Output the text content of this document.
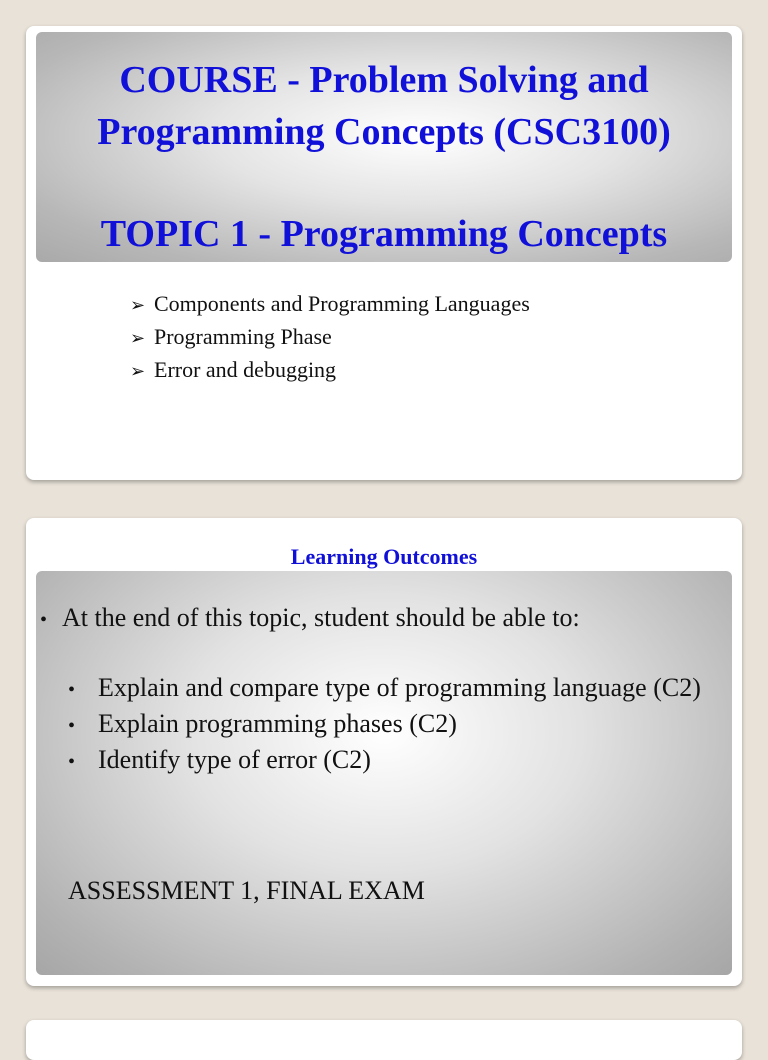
COURSE - Problem Solving and
Programming Concepts (CSC3100)
TOPIC 1 - Programming Concepts
➢ Components and Programming Languages
➢ Programming Phase
➢ Error and debugging
Learning Outcomes
• At the end of this topic, student should be able to:
• Explain and compare type of programming language (C2)
• Explain programming phases (C2)
• Identify type of error (C2)
ASSESSMENT 1, FINAL EXAM
